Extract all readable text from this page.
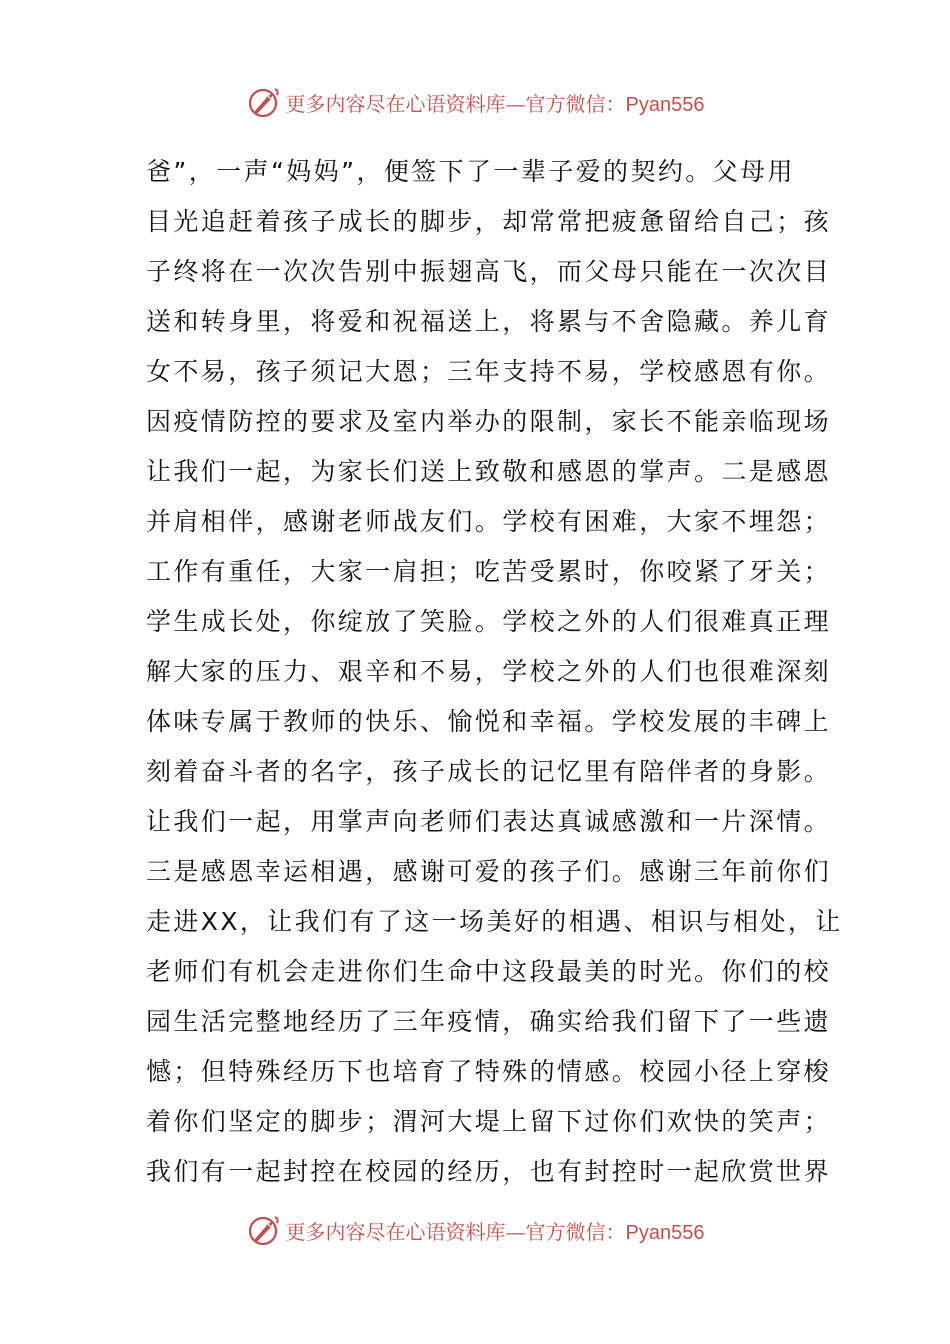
更多内容尽在心语资料库—官方微信：Pyan556
爸”，一声“妈妈”，便签下了一辈子爱的契约。父母用
目光追赶着孩子成长的脚步，却常常把疲惫留给自己；孩
子终将在一次次告别中振翅高飞，而父母只能在一次次目
送和转身里，将爱和祝福送上，将累与不舍隐藏。养儿育
女不易，孩子须记大恩；三年支持不易，学校感恩有你。
因疫情防控的要求及室内举办的限制，家长不能亲临现场
让我们一起，为家长们送上致敬和感恩的掌声。二是感恩
并肩相伴，感谢老师战友们。学校有困难，大家不埋怨；
工作有重任，大家一肩担；吃苦受累时，你咬紧了牙关；
学生成长处，你绽放了笑脸。学校之外的人们很难真正理
解大家的压力、艰辛和不易，学校之外的人们也很难深刻
体味专属于教师的快乐、愉悦和幸福。学校发展的丰碑上
刻着奋斗者的名字，孩子成长的记忆里有陪伴者的身影。
让我们一起，用掌声向老师们表达真诚感激和一片深情。
三是感恩幸运相遇，感谢可爱的孩子们。感谢三年前你们
走进XX，让我们有了这一场美好的相遇、相识与相处，让
老师们有机会走进你们生命中这段最美的时光。你们的校
园生活完整地经历了三年疫情，确实给我们留下了一些遗
憾；但特殊经历下也培育了特殊的情感。校园小径上穿梭
着你们坚定的脚步；渭河大堤上留下过你们欢快的笑声；
我们有一起封控在校园的经历，也有封控时一起欣赏世界
更多内容尽在心语资料库—官方微信：Pyan556
